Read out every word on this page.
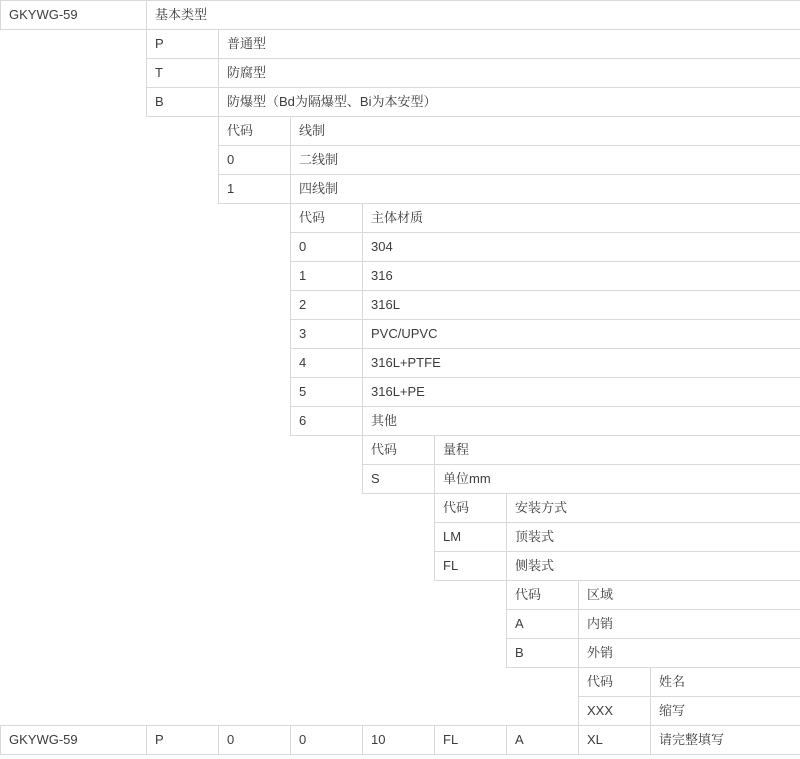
GKYWG-59	基本类型							
	P	普通型						
	T	防腐型						
	B	防爆型（Bd为隔爆型、Bi为本安型）						
		代码	线制					
		0	二线制					
		1	四线制					
			代码	主体材质				
			0	304				
			1	316				
			2	316L				
			3	PVC/UPVC				
			4	316L+PTFE				
			5	316L+PE				
			6	其他				
				代码	量程			
				S	单位mm			
					代码	安装方式		
					LM	顶装式		
					FL	侧装式		
						代码	区域	
						A	内销	
						B	外销	
							代码	姓名
							XXX	缩写
GKYWG-59	P	0	0	10	FL	A	XL	请完整填写
